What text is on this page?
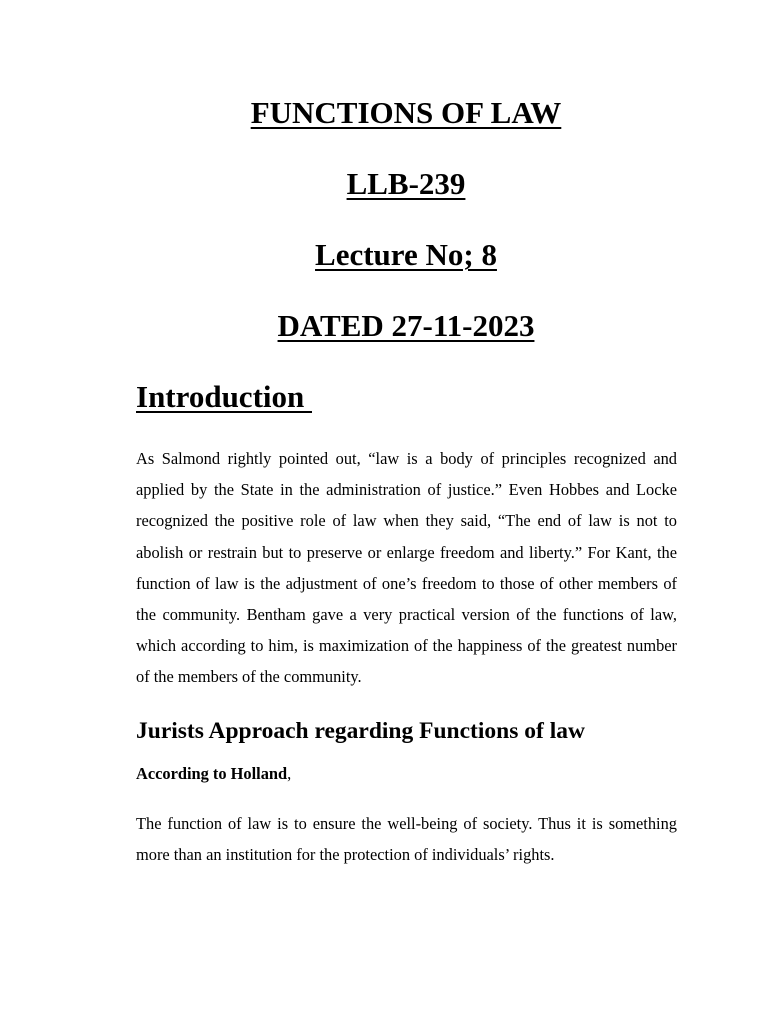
FUNCTIONS OF LAW
LLB-239
Lecture No; 8
DATED 27-11-2023
Introduction

As Salmond rightly pointed out, “law is a body of principles recognized and applied by the State in the administration of justice.” Even Hobbes and Locke recognized the positive role of law when they said, “The end of law is not to abolish or restrain but to preserve or enlarge freedom and liberty.” For Kant, the function of law is the adjustment of one’s freedom to those of other members of the community. Bentham gave a very practical version of the functions of law, which according to him, is maximization of the happiness of the greatest number of the members of the community.

Jurists Approach regarding Functions of law
According to Holland,

The function of law is to ensure the well-being of society. Thus it is something more than an institution for the protection of individuals’ rights.
